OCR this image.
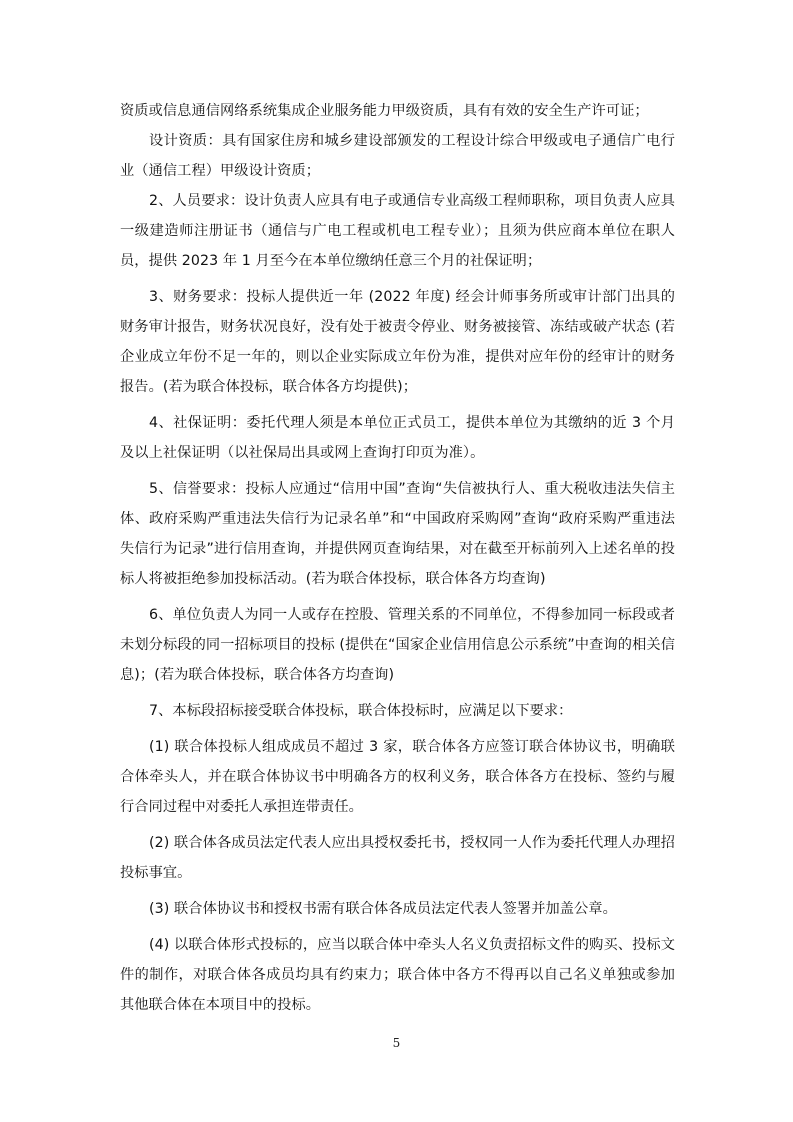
资质或信息通信网络系统集成企业服务能力甲级资质，具有有效的安全生产许可证；

设计资质：具有国家住房和城乡建设部颁发的工程设计综合甲级或电子通信广电行业（通信工程）甲级设计资质；

2、人员要求：设计负责人应具有电子或通信专业高级工程师职称，项目负责人应具一级建造师注册证书（通信与广电工程或机电工程专业）；且须为供应商本单位在职人员，提供 2023 年 1 月至今在本单位缴纳任意三个月的社保证明；

3、财务要求：投标人提供近一年 (2022 年度) 经会计师事务所或审计部门出具的财务审计报告，财务状况良好，没有处于被责令停业、财务被接管、冻结或破产状态 (若企业成立年份不足一年的，则以企业实际成立年份为准，提供对应年份的经审计的财务报告。(若为联合体投标，联合体各方均提供)；

4、社保证明：委托代理人须是本单位正式员工，提供本单位为其缴纳的近 3 个月及以上社保证明（以社保局出具或网上查询打印页为准）。

5、信誉要求：投标人应通过“信用中国”查询“失信被执行人、重大税收违法失信主体、政府采购严重违法失信行为记录名单”和“中国政府采购网”查询“政府采购严重违法失信行为记录”进行信用查询，并提供网页查询结果，对在截至开标前列入上述名单的投标人将被拒绝参加投标活动。(若为联合体投标，联合体各方均查询)

6、单位负责人为同一人或存在控股、管理关系的不同单位，不得参加同一标段或者未划分标段的同一招标项目的投标 (提供在“国家企业信用信息公示系统”中查询的相关信息)；(若为联合体投标，联合体各方均查询)

7、本标段招标接受联合体投标，联合体投标时，应满足以下要求：

(1) 联合体投标人组成成员不超过 3 家，联合体各方应签订联合体协议书，明确联合体牵头人，并在联合体协议书中明确各方的权利义务，联合体各方在投标、签约与履行合同过程中对委托人承担连带责任。

(2) 联合体各成员法定代表人应出具授权委托书，授权同一人作为委托代理人办理招投标事宜。

(3) 联合体协议书和授权书需有联合体各成员法定代表人签署并加盖公章。

(4) 以联合体形式投标的，应当以联合体中牵头人名义负责招标文件的购买、投标文件的制作，对联合体各成员均具有约束力；联合体中各方不得再以自己名义单独或参加其他联合体在本项目中的投标。

5
